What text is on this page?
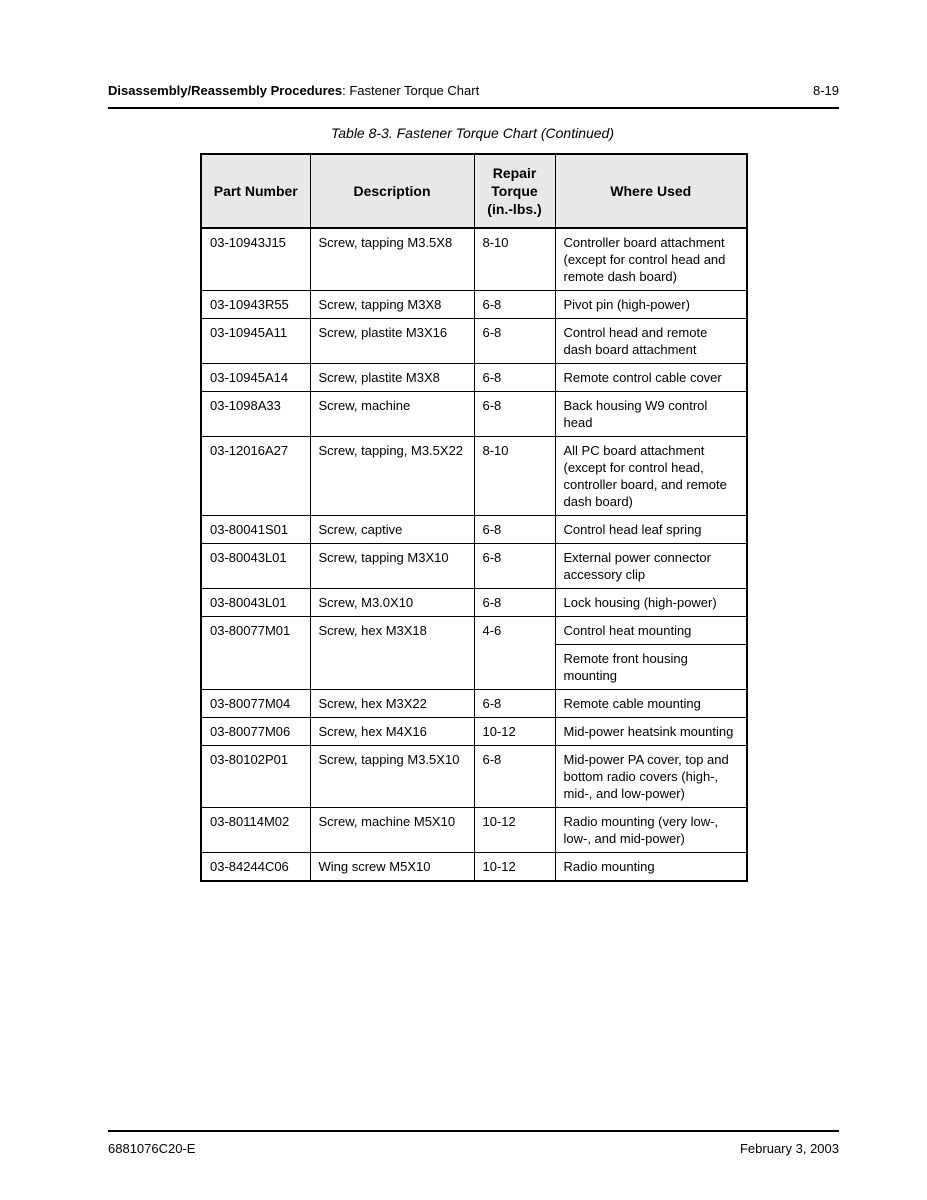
Disassembly/Reassembly Procedures: Fastener Torque Chart	8-19
Table 8-3. Fastener Torque Chart (Continued)
Part Number	Description	Repair Torque (in.-lbs.)	Where Used
03-10943J15	Screw, tapping M3.5X8	8-10	Controller board attachment (except for control head and remote dash board)
03-10943R55	Screw, tapping M3X8	6-8	Pivot pin (high-power)
03-10945A11	Screw, plastite M3X16	6-8	Control head and remote dash board attachment
03-10945A14	Screw, plastite M3X8	6-8	Remote control cable cover
03-1098A33	Screw, machine	6-8	Back housing W9 control head
03-12016A27	Screw, tapping, M3.5X22	8-10	All PC board attachment (except for control head, controller board, and remote dash board)
03-80041S01	Screw, captive	6-8	Control head leaf spring
03-80043L01	Screw, tapping M3X10	6-8	External power connector accessory clip
03-80043L01	Screw, M3.0X10	6-8	Lock housing (high-power)
03-80077M01	Screw, hex M3X18	4-6	Control heat mounting
			Remote front housing mounting
03-80077M04	Screw, hex M3X22	6-8	Remote cable mounting
03-80077M06	Screw, hex M4X16	10-12	Mid-power heatsink mounting
03-80102P01	Screw, tapping M3.5X10	6-8	Mid-power PA cover, top and bottom radio covers (high-, mid-, and low-power)
03-80114M02	Screw, machine M5X10	10-12	Radio mounting (very low-, low-, and mid-power)
03-84244C06	Wing screw M5X10	10-12	Radio mounting
6881076C20-E	February 3, 2003
